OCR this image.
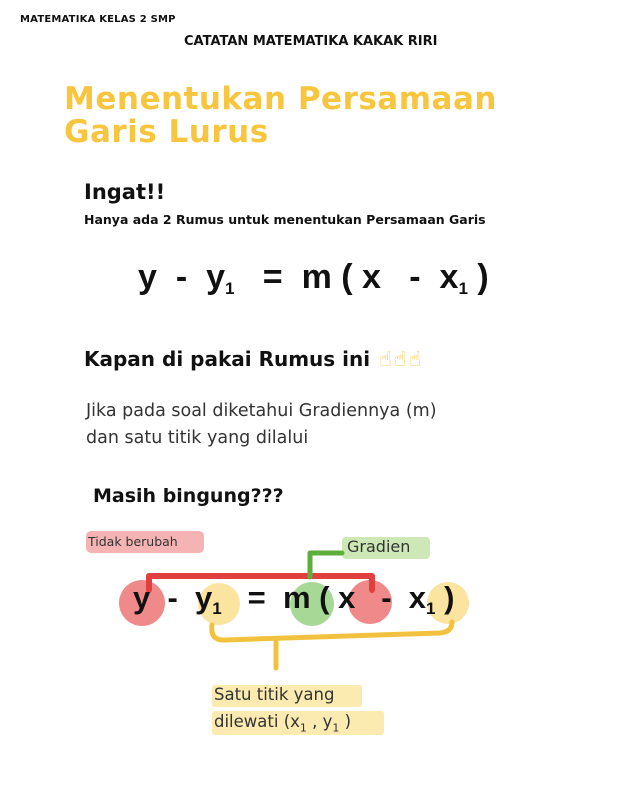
MATEMATIKA KELAS 2 SMP
CATATAN MATEMATIKA KAKAK RIRI
Menentukan Persamaan
Garis Lurus
Ingat!!
Hanya ada 2 Rumus untuk menentukan Persamaan Garis
$y - y_1 = m$ ( x - $x_1$ )
Kapan di pakai Rumus ini ☝☝☝
Jika pada soal diketahui Gradiennya (m)
dan satu titik yang dilalui
Masih bingung???
Tidak berubah	Gradien
$y - y_1 = m$ ( x - $x_1$ )
Satu titik yang
dilewati ($x_1$ , $y_1$ )
